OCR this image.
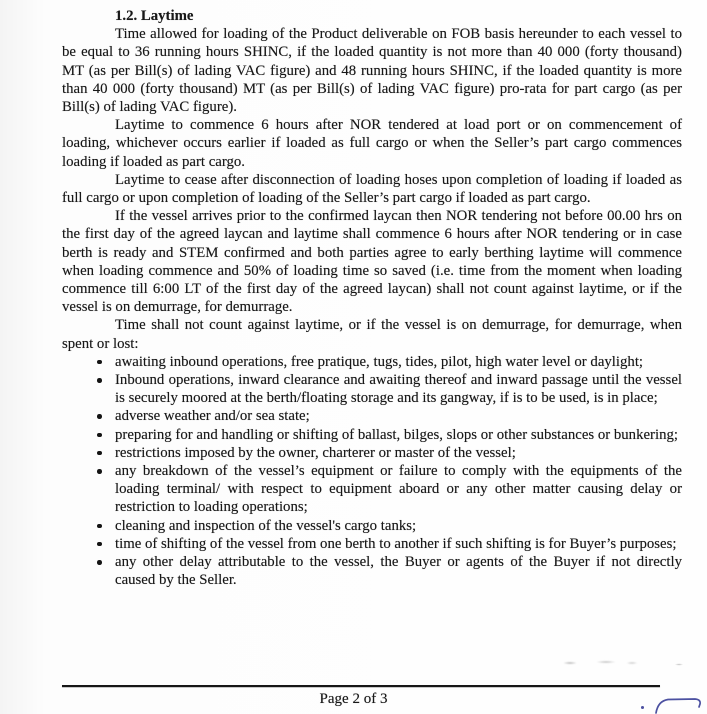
1.2. Laytime

Time allowed for loading of the Product deliverable on FOB basis hereunder to each vessel to be equal to 36 running hours SHINC, if the loaded quantity is not more than 40 000 (forty thousand) MT (as per Bill(s) of lading VAC figure) and 48 running hours SHINC, if the loaded quantity is more than 40 000 (forty thousand) MT (as per Bill(s) of lading VAC figure) pro-rata for part cargo (as per Bill(s) of lading VAC figure).

Laytime to commence 6 hours after NOR tendered at load port or on commencement of loading, whichever occurs earlier if loaded as full cargo or when the Seller’s part cargo commences loading if loaded as part cargo.

Laytime to cease after disconnection of loading hoses upon completion of loading if loaded as full cargo or upon completion of loading of the Seller’s part cargo if loaded as part cargo.

If the vessel arrives prior to the confirmed laycan then NOR tendering not before 00.00 hrs on the first day of the agreed laycan and laytime shall commence 6 hours after NOR tendering or in case berth is ready and STEM confirmed and both parties agree to early berthing laytime will commence when loading commence and 50% of loading time so saved (i.e. time from the moment when loading commence till 6:00 LT of the first day of the agreed laycan) shall not count against laytime, or if the vessel is on demurrage, for demurrage.

Time shall not count against laytime, or if the vessel is on demurrage, for demurrage, when spent or lost:

awaiting inbound operations, free pratique, tugs, tides, pilot, high water level or daylight;
Inbound operations, inward clearance and awaiting thereof and inward passage until the vessel is securely moored at the berth/floating storage and its gangway, if is to be used, is in place;
adverse weather and/or sea state;
preparing for and handling or shifting of ballast, bilges, slops or other substances or bunkering;
restrictions imposed by the owner, charterer or master of the vessel;
any breakdown of the vessel’s equipment or failure to comply with the equipments of the loading terminal/ with respect to equipment aboard or any other matter causing delay or restriction to loading operations;
cleaning and inspection of the vessel's cargo tanks;
time of shifting of the vessel from one berth to another if such shifting is for Buyer’s purposes;
any other delay attributable to the vessel, the Buyer or agents of the Buyer if not directly caused by the Seller.
Page 2 of 3
